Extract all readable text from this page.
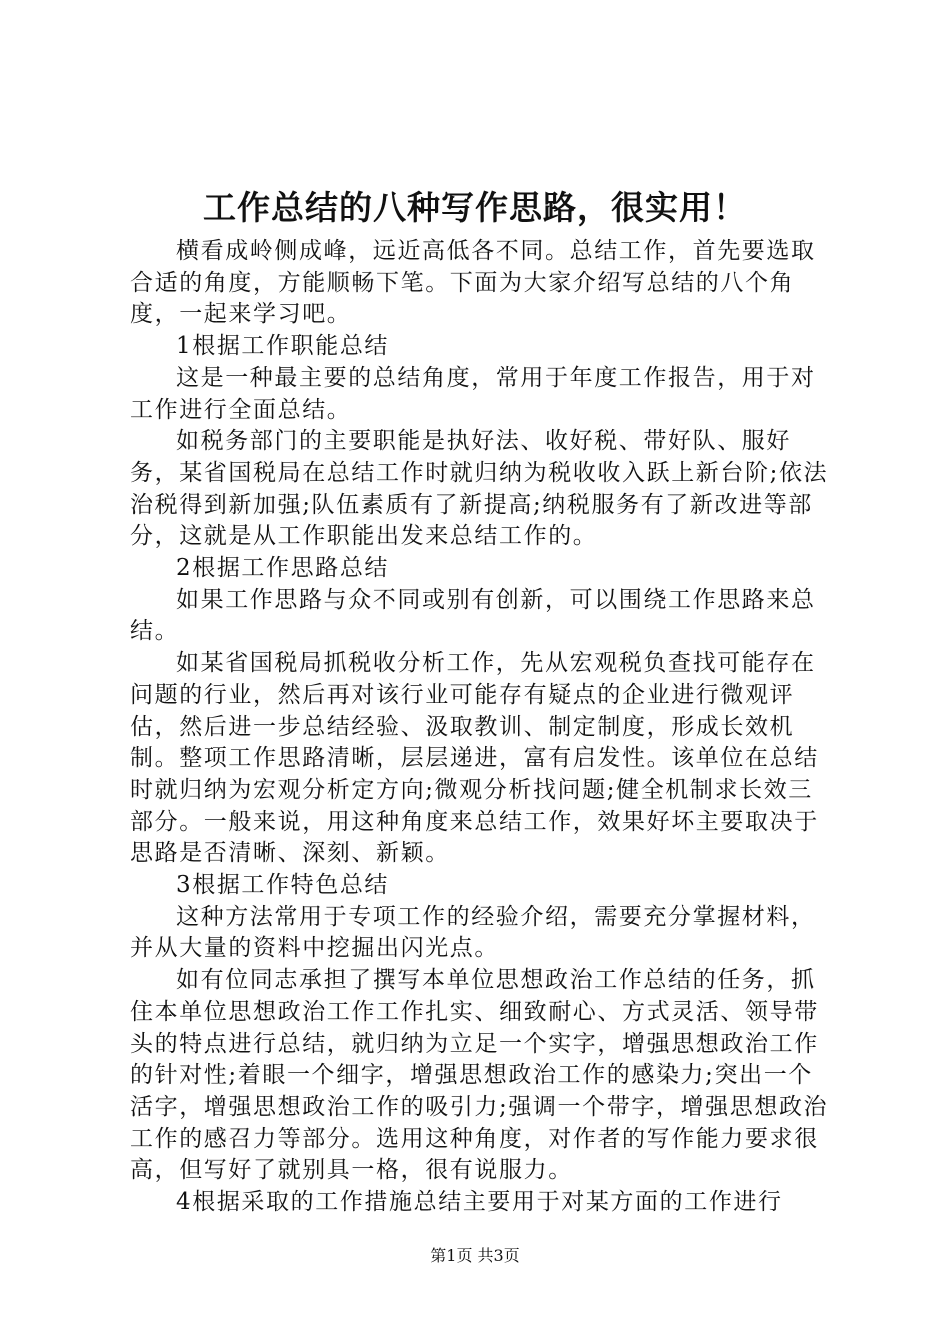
工作总结的八种写作思路，很实用！

横看成岭侧成峰，远近高低各不同。总结工作，首先要选取合适的角度，方能顺畅下笔。下面为大家介绍写总结的八个角度，一起来学习吧。

1根据工作职能总结

这是一种最主要的总结角度，常用于年度工作报告，用于对工作进行全面总结。

如税务部门的主要职能是执好法、收好税、带好队、服好务，某省国税局在总结工作时就归纳为税收收入跃上新台阶;依法治税得到新加强;队伍素质有了新提高;纳税服务有了新改进等部分，这就是从工作职能出发来总结工作的。

2根据工作思路总结

如果工作思路与众不同或别有创新，可以围绕工作思路来总结。

如某省国税局抓税收分析工作，先从宏观税负查找可能存在问题的行业，然后再对该行业可能存有疑点的企业进行微观评估，然后进一步总结经验、汲取教训、制定制度，形成长效机制。整项工作思路清晰，层层递进，富有启发性。该单位在总结时就归纳为宏观分析定方向;微观分析找问题;健全机制求长效三部分。一般来说，用这种角度来总结工作，效果好坏主要取决于思路是否清晰、深刻、新颖。

3根据工作特色总结

这种方法常用于专项工作的经验介绍，需要充分掌握材料，并从大量的资料中挖掘出闪光点。

如有位同志承担了撰写本单位思想政治工作总结的任务，抓住本单位思想政治工作工作扎实、细致耐心、方式灵活、领导带头的特点进行总结，就归纳为立足一个实字，增强思想政治工作的针对性;着眼一个细字，增强思想政治工作的感染力;突出一个活字，增强思想政治工作的吸引力;强调一个带字，增强思想政治工作的感召力等部分。选用这种角度，对作者的写作能力要求很高，但写好了就别具一格，很有说服力。

4根据采取的工作措施总结主要用于对某方面的工作进行

第1页 共3页
